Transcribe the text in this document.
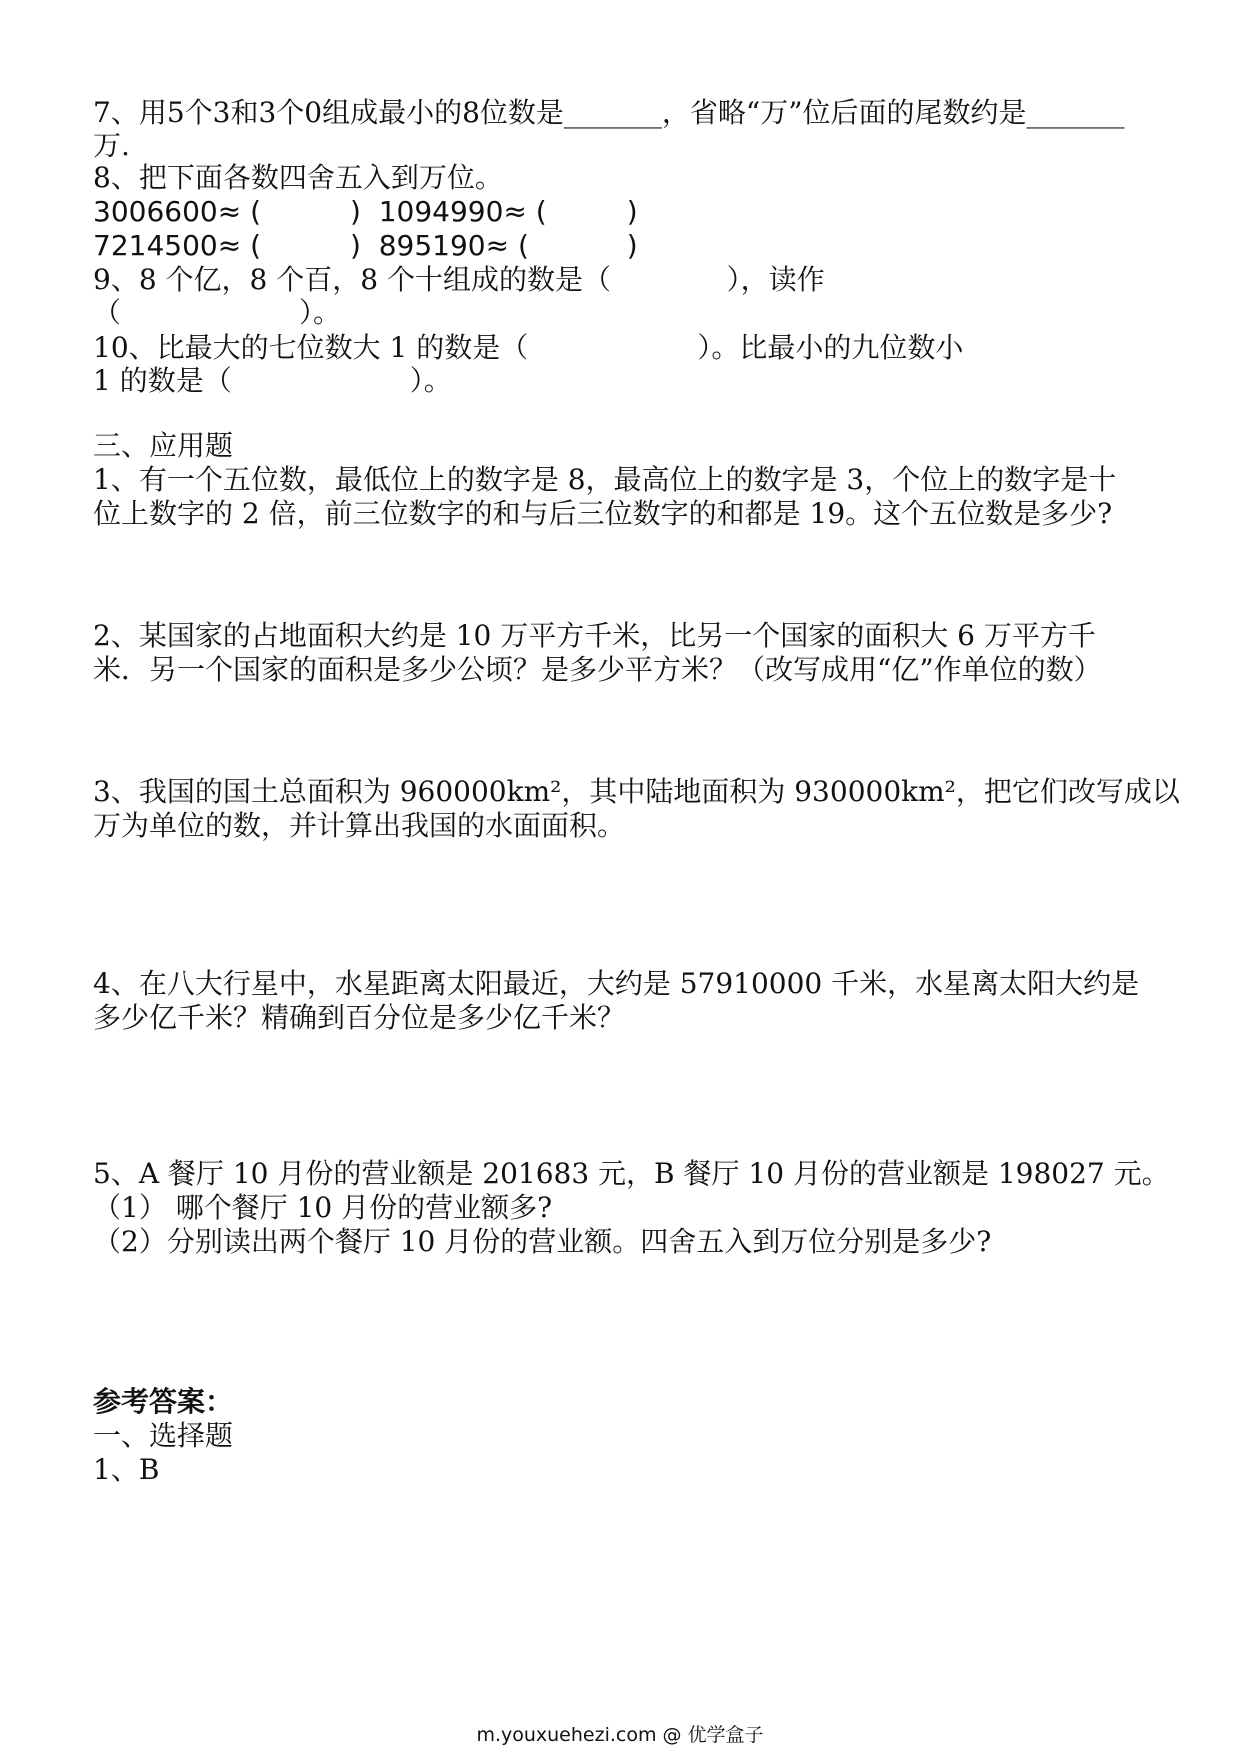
7、用5个3和3个0组成最小的8位数是_______，省略“万”位后面的尾数约是_______

万.

8、把下面各数四舍五入到万位。

3006600≈ (          )  1094990≈ (         )

7214500≈ (          )  895190≈ (           )

9、8 个亿，8 个百，8 个十组成的数是（             ），读作

（                    ）。

10、比最大的七位数大 1 的数是（                   ）。比最小的九位数小

1 的数是（                    ）。

三、应用题

1、有一个五位数，最低位上的数字是 8，最高位上的数字是 3，个位上的数字是十

位上数字的 2 倍，前三位数字的和与后三位数字的和都是 19。这个五位数是多少?

2、某国家的占地面积大约是 10 万平方千米，比另一个国家的面积大 6 万平方千

米．另一个国家的面积是多少公顷？是多少平方米？（改写成用“亿”作单位的数）

3、我国的国土总面积为 960000km²，其中陆地面积为 930000km²，把它们改写成以

万为单位的数，并计算出我国的水面面积。

4、在八大行星中，水星距离太阳最近，大约是 57910000 千米，水星离太阳大约是

多少亿千米？精确到百分位是多少亿千米？

5、A 餐厅 10 月份的营业额是 201683 元，B 餐厅 10 月份的营业额是 198027 元。

（1） 哪个餐厅 10 月份的营业额多?

（2）分别读出两个餐厅 10 月份的营业额。四舍五入到万位分别是多少?

参考答案：

一、选择题

1、B

m.youxuehezi.com @ 优学盒子
